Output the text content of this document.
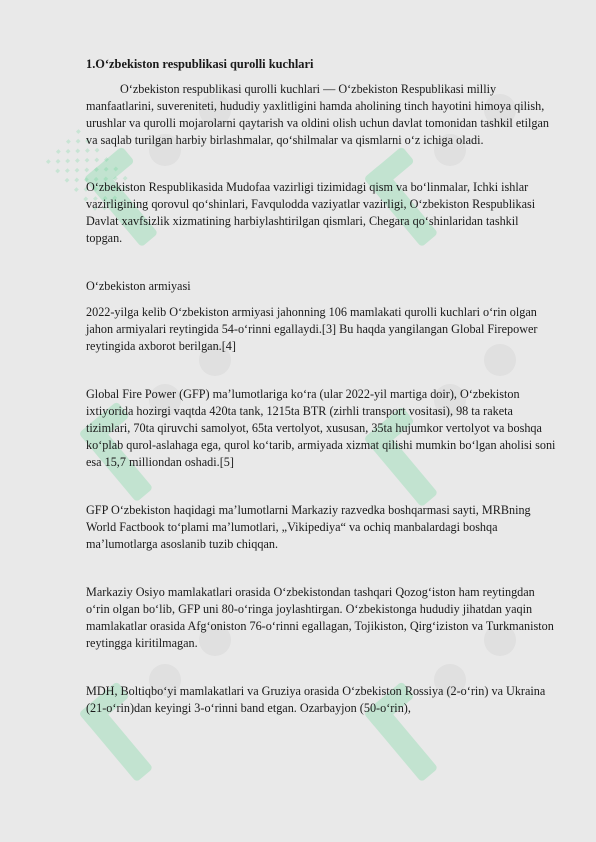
░
1.O‘zbekiston respublikasi qurolli kuchlari

O‘zbekiston respublikasi qurolli kuchlari — O‘zbekiston Respublikasi milliy manfaatlarini, suvereniteti, hududiy yaxlitligini hamda aholining tinch hayotini himoya qilish, urushlar va qurolli mojarolarni qaytarish va oldini olish uchun davlat tomonidan tashkil etilgan va saqlab turilgan harbiy birlashmalar, qo‘shilmalar va qismlarni o‘z ichiga oladi.

O‘zbekiston Respublikasida Mudofaa vazirligi tizimidagi qism va bo‘linmalar, Ichki ishlar vazirligining qorovul qo‘shinlari, Favqulodda vaziyatlar vazirligi, O‘zbekiston Respublikasi Davlat xavfsizlik xizmatining harbiylashtirilgan qismlari, Chegara qo‘shinlaridan tashkil topgan.

O‘zbekiston armiyasi

2022-yilga kelib O‘zbekiston armiyasi jahonning 106 mamlakati qurolli kuchlari o‘rin olgan jahon armiyalari reytingida 54-o‘rinni egallaydi.[3] Bu haqda yangilangan Global Firepower reytingida axborot berilgan.[4]

Global Fire Power (GFP) ma’lumotlariga ko‘ra (ular 2022-yil martiga doir), O‘zbekiston ixtiyorida hozirgi vaqtda 420ta tank, 1215ta BTR (zirhli transport vositasi), 98 ta raketa tizimlari, 70ta qiruvchi samolyot, 65ta vertolyot, xususan, 35ta hujumkor vertolyot va boshqa ko‘plab qurol-aslahaga ega, qurol ko‘tarib, armiyada xizmat qilishi mumkin bo‘lgan aholisi soni esa 15,7 milliondan oshadi.[5]

GFP O‘zbekiston haqidagi ma’lumotlarni Markaziy razvedka boshqarmasi sayti, MRBning World Factbook to‘plami ma’lumotlari, „Vikipediya“ va ochiq manbalardagi boshqa ma’lumotlarga asoslanib tuzib chiqqan.

Markaziy Osiyo mamlakatlari orasida O‘zbekistondan tashqari Qozog‘iston ham reytingdan o‘rin olgan bo‘lib, GFP uni 80-o‘ringa joylashtirgan. O‘zbekistonga hududiy jihatdan yaqin mamlakatlar orasida Afg‘oniston 76-o‘rinni egallagan, Tojikiston, Qirg‘iziston va Turkmaniston reytingga kiritilmagan.

MDH, Boltiqbo‘yi mamlakatlari va Gruziya orasida O‘zbekiston Rossiya (2-o‘rin) va Ukraina (21-o‘rin)dan keyingi 3-o‘rinni band etgan. Ozarbayjon (50-o‘rin),
